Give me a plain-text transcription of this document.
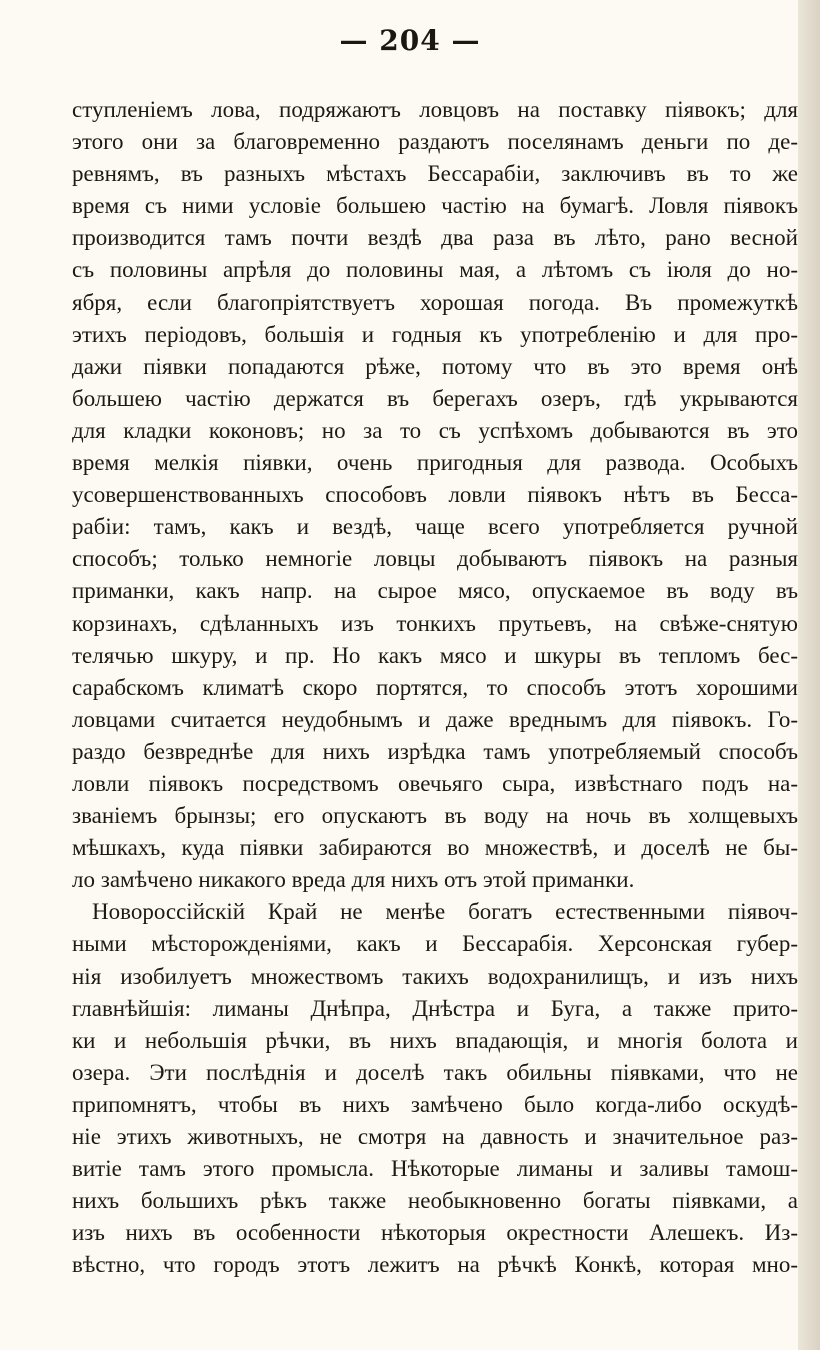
— 204 —
ступленіемъ лова, подряжаютъ ловцовъ на поставку піявокъ; для
этого они за благовременно раздаютъ поселянамъ деньги по де-
ревнямъ, въ разныхъ мѣстахъ Бессарабіи, заключивъ въ то же
время съ ними условіе большею частію на бумагѣ. Ловля піявокъ
производится тамъ почти вездѣ два раза въ лѣто, рано весной
съ половины апрѣля до половины мая, а лѣтомъ съ іюля до но-
ября, если благопріятствуетъ хорошая погода. Въ промежуткѣ
этихъ періодовъ, большія и годныя къ употребленію и для про-
дажи піявки попадаются рѣже, потому что въ это время онѣ
большею частію держатся въ берегахъ озеръ, гдѣ укрываются
для кладки коконовъ; но за то съ успѣхомъ добываются въ это
время мелкія піявки, очень пригодныя для развода. Особыхъ
усовершенствованныхъ способовъ ловли піявокъ нѣтъ въ Бесса-
рабіи: тамъ, какъ и вездѣ, чаще всего употребляется ручной
способъ; только немногіе ловцы добываютъ піявокъ на разныя
приманки, какъ напр. на сырое мясо, опускаемое въ воду въ
корзинахъ, сдѣланныхъ изъ тонкихъ прутьевъ, на свѣже-снятую
телячью шкуру, и пр. Но какъ мясо и шкуры въ тепломъ бес-
сарабскомъ климатѣ скоро портятся, то способъ этотъ хорошими
ловцами считается неудобнымъ и даже вреднымъ для піявокъ. Го-
раздо безвреднѣе для нихъ изрѣдка тамъ употребляемый способъ
ловли піявокъ посредствомъ овечьяго сыра, извѣстнаго подъ на-
званіемъ брынзы; его опускаютъ въ воду на ночь въ холщевыхъ
мѣшкахъ, куда піявки забираются во множествѣ, и доселѣ не бы-
ло замѣчено никакого вреда для нихъ отъ этой приманки.
Новороссійскій Край не менѣе богатъ естественными піявоч-
ными мѣсторожденіями, какъ и Бессарабія. Херсонская губер-
нія изобилуетъ множествомъ такихъ водохранилищъ, и изъ нихъ
главнѣйшія: лиманы Днѣпра, Днѣстра и Буга, а также прито-
ки и небольшія рѣчки, въ нихъ впадающія, и многія болота и
озера. Эти послѣднія и доселѣ такъ обильны піявками, что не
припомнятъ, чтобы въ нихъ замѣчено было когда-либо оскудѣ-
ніе этихъ животныхъ, не смотря на давность и значительное раз-
витіе тамъ этого промысла. Нѣкоторые лиманы и заливы тамош-
нихъ большихъ рѣкъ также необыкновенно богаты піявками, а
изъ нихъ въ особенности нѣкоторыя окрестности Алешекъ. Из-
вѣстно, что городъ этотъ лежитъ на рѣчкѣ Конкѣ, которая мно-
